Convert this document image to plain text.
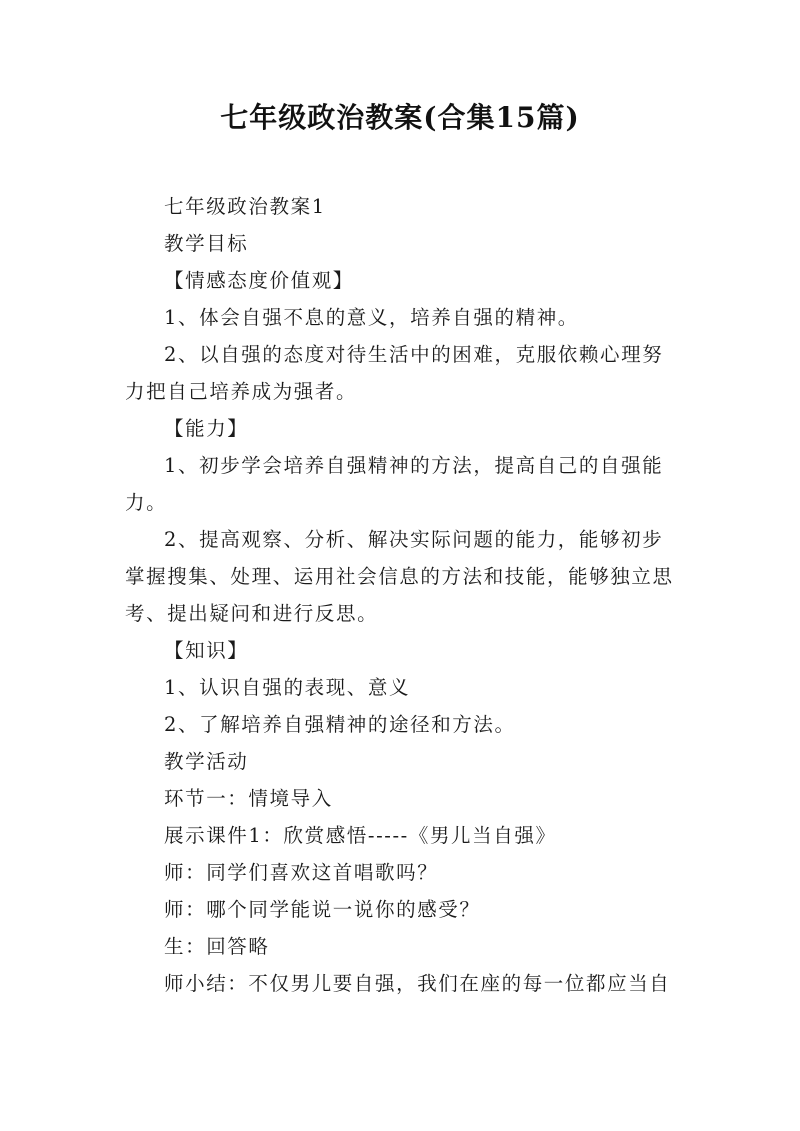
七年级政治教案(合集15篇)
七年级政治教案1
教学目标
【情感态度价值观】
1、体会自强不息的意义，培养自强的精神。
2、以自强的态度对待生活中的困难，克服依赖心理努
力把自己培养成为强者。
【能力】
1、初步学会培养自强精神的方法，提高自己的自强能
力。
2、提高观察、分析、解决实际问题的能力，能够初步
掌握搜集、处理、运用社会信息的方法和技能，能够独立思
考、提出疑问和进行反思。
【知识】
1、认识自强的表现、意义
2、了解培养自强精神的途径和方法。
教学活动
环节一：情境导入
展示课件1：欣赏感悟-----《男儿当自强》
师：同学们喜欢这首唱歌吗？
师：哪个同学能说一说你的感受？
生：回答略
师小结：不仅男儿要自强，我们在座的每一位都应当自
